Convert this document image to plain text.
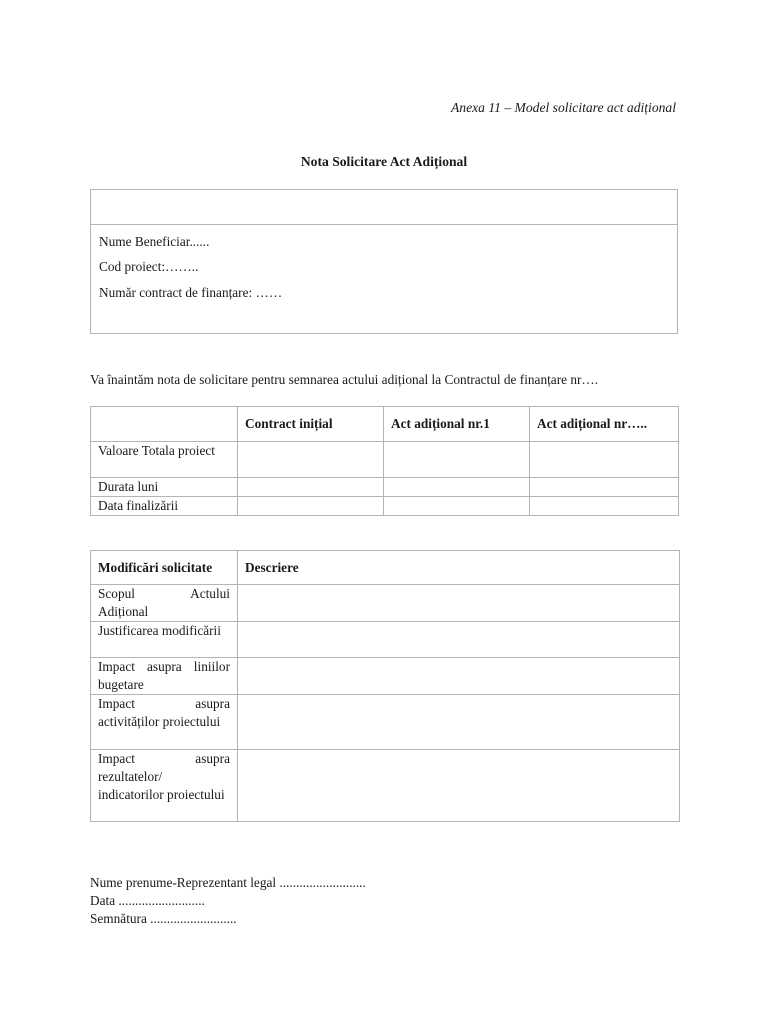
Anexa 11 – Model solicitare act adițional
Nota Solicitare Act Adițional
Nume Beneficiar......
Cod proiect:……..
Număr contract de finanțare: ……
Va înaintăm nota de solicitare pentru semnarea actului adițional la Contractul de finanțare nr….
	Contract inițial	Act adițional nr.1	Act adițional nr…..
Valoare Totala proiect			
Durata luni			
Data finalizării			
Modificări solicitate	Descriere
Scopul Actului Adițional	
Justificarea modificării	
Impact asupra liniilor bugetare	
Impact asupra activităților proiectului	
Impact asupra rezultatelor/ indicatorilor proiectului	
Nume prenume-Reprezentant legal ..........................
Data ..........................
Semnătura ..........................
